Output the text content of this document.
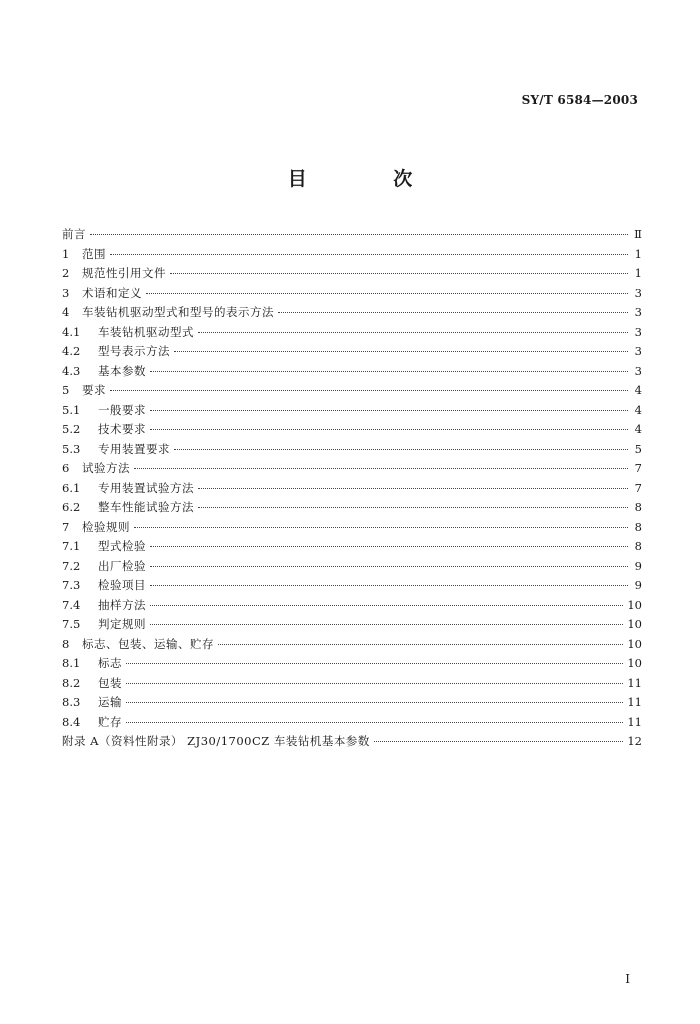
SY/T 6584—2003
目 次
前言	Ⅱ
1	范围	1
2	规范性引用文件	1
3	术语和定义	3
4	车装钻机驱动型式和型号的表示方法	3
4.1	车装钻机驱动型式	3
4.2	型号表示方法	3
4.3	基本参数	3
5	要求	4
5.1	一般要求	4
5.2	技术要求	4
5.3	专用装置要求	5
6	试验方法	7
6.1	专用装置试验方法	7
6.2	整车性能试验方法	8
7	检验规则	8
7.1	型式检验	8
7.2	出厂检验	9
7.3	检验项目	9
7.4	抽样方法	10
7.5	判定规则	10
8	标志、包装、运输、贮存	10
8.1	标志	10
8.2	包装	11
8.3	运输	11
8.4	贮存	11
附录 A（资料性附录） ZJ30/1700CZ 车装钻机基本参数	12
I
